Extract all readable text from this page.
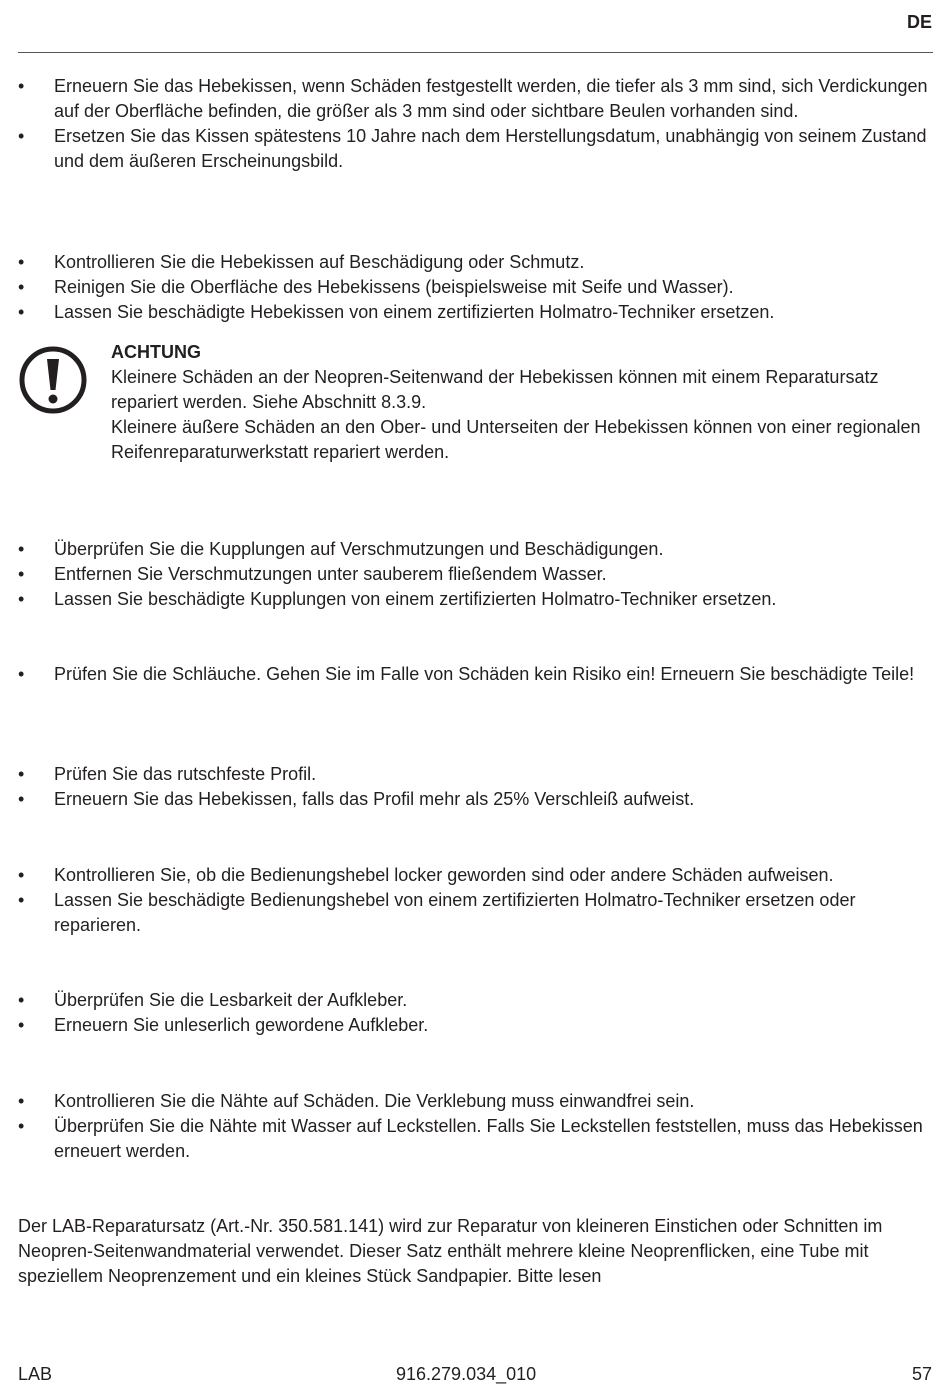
DE
•	Erneuern Sie das Hebekissen, wenn Schäden festgestellt werden, die tiefer als 3 mm sind, sich Verdickungen auf der Oberfläche befinden, die größer als 3 mm sind oder sichtbare Beulen vorhanden sind.
•	Ersetzen Sie das Kissen spätestens 10 Jahre nach dem Herstellungsdatum, unabhängig von seinem Zustand und dem äußeren Erscheinungsbild.
•	Kontrollieren Sie die Hebekissen auf Beschädigung oder Schmutz.
•	Reinigen Sie die Oberfläche des Hebekissens (beispielsweise mit Seife und Wasser).
•	Lassen Sie beschädigte Hebekissen von einem zertifizierten Holmatro-Techniker ersetzen.
ACHTUNG
Kleinere Schäden an der Neopren-Seitenwand der Hebekissen können mit einem Reparatursatz repariert werden. Siehe Abschnitt 8.3.9.
Kleinere äußere Schäden an den Ober- und Unterseiten der Hebekissen können von einer regionalen Reifenreparaturwerkstatt repariert werden.
•	Überprüfen Sie die Kupplungen auf Verschmutzungen und Beschädigungen.
•	Entfernen Sie Verschmutzungen unter sauberem fließendem Wasser.
•	Lassen Sie beschädigte Kupplungen von einem zertifizierten Holmatro-Techniker ersetzen.
•	Prüfen Sie die Schläuche. Gehen Sie im Falle von Schäden kein Risiko ein! Erneuern Sie beschädigte Teile!
•	Prüfen Sie das rutschfeste Profil.
•	Erneuern Sie das Hebekissen, falls das Profil mehr als 25% Verschleiß aufweist.
•	Kontrollieren Sie, ob die Bedienungshebel locker geworden sind oder andere Schäden aufweisen.
•	Lassen Sie beschädigte Bedienungshebel von einem zertifizierten Holmatro-Techniker ersetzen oder reparieren.
•	Überprüfen Sie die Lesbarkeit der Aufkleber.
•	Erneuern Sie unleserlich gewordene Aufkleber.
•	Kontrollieren Sie die Nähte auf Schäden. Die Verklebung muss einwandfrei sein.
•	Überprüfen Sie die Nähte mit Wasser auf Leckstellen. Falls Sie Leckstellen feststellen, muss das Hebekissen erneuert werden.

Der LAB-Reparatursatz (Art.-Nr. 350.581.141) wird zur Reparatur von kleineren Einstichen oder Schnitten im Neopren-Seitenwandmaterial verwendet. Dieser Satz enthält mehrere kleine Neoprenflicken, eine Tube mit speziellem Neoprenzement und ein kleines Stück Sandpapier. Bitte lesen

LAB	916.279.034_010	57
